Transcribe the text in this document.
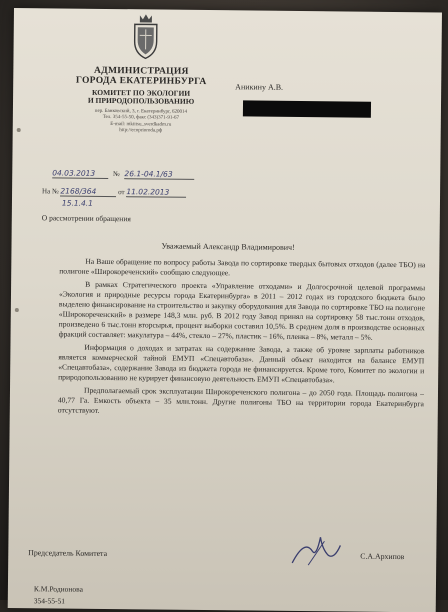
АДМИНИСТРАЦИЯ
ГОРОДА ЕКАТЕРИНБУРГА
КОМИТЕТ ПО ЭКОЛОГИИ
И ПРИРОДОПОЛЬЗОВАНИЮ
пер. Банковский, 3, г. Екатеринбург, 620014
Тел. 354-55-50, факс (343)371-91-67
E-mail: mkiitsu_sverdkadm.ru
http://ecoprioroda.рф
Аникину А.В.
04.03.2013	№ 26.1-04.1/63
На № 2168/364	от 11.02.2013
15.1.4.1
О рассмотрении обращения
Уважаемый Александр Владимирович!

На Ваше обращение по вопросу работы Завода по сортировке твердых бытовых отходов (далее ТБО) на полигоне «Широкореченский» сообщаю следующее.

В рамках Стратегического проекта «Управление отходами» и Долгосрочной целевой программы «Экология и природные ресурсы города Екатеринбурга» в 2011 – 2012 годах из городского бюджета было выделено финансирование на строительство и закупку оборудования для Завода по сортировке ТБО на полигоне «Широкореченский» в размере 148,3 млн. руб. В 2012 году Завод принял на сортировку 58 тыс.тонн отходов, произведено 6 тыс.тонн вторсырья, процент выборки составил 10,5%. В среднем доля в производстве основных фракций составляет: макулатура – 44%, стекло – 27%, пластик – 16%, пленка – 8%, металл – 5%.

Информация о доходах и затратах на содержание Завода, а также об уровне зарплаты работников является коммерческой тайной ЕМУП «Спецавтобаза». Данный объект находится на балансе ЕМУП «Спецавтобаза», содержание Завода из бюджета города не финансируется. Кроме того, Комитет по экологии и природопользованию не курирует финансовую деятельность ЕМУП «Спецавтобаза».

Предполагаемый срок эксплуатации Широкореченского полигона – до 2050 года. Площадь полигона – 40,77 Га. Емкость объекта – 35 млн.тонн. Другие полигоны ТБО на территории города Екатеринбурга отсутствуют.

Председатель Комитета	С.А.Архипов
К.М.Родионова
354-55-51
